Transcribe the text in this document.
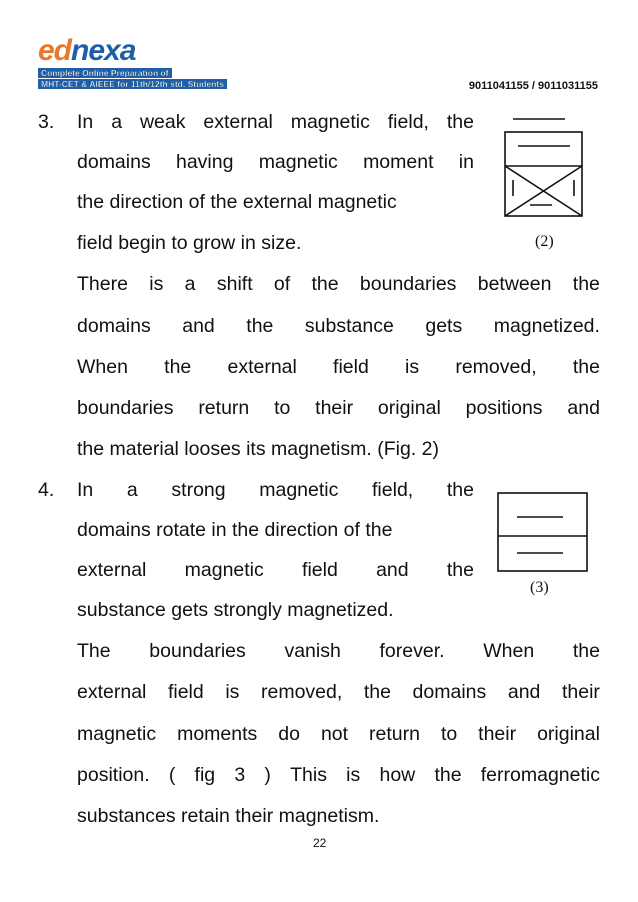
ednexa
Complete Online Preparation of
MHT-CET & AIEEE for 11th/12th std. Students	9011041155 / 9011031155
3. In a weak external magnetic field, the
domains having magnetic moment in
the direction of the external magnetic
field begin to grow in size.
There is a shift of the boundaries between the
domains and the substance gets magnetized.
When the external field is removed, the
boundaries return to their original positions and
the material looses its magnetism. (Fig. 2)
(2)
4. In a strong magnetic field, the
domains rotate in the direction of the
external magnetic field and the
substance gets strongly magnetized.
The boundaries vanish forever. When the
external field is removed, the domains and their
magnetic moments do not return to their original
position. ( fig 3 ) This is how the ferromagnetic
substances retain their magnetism.
(3)
22
